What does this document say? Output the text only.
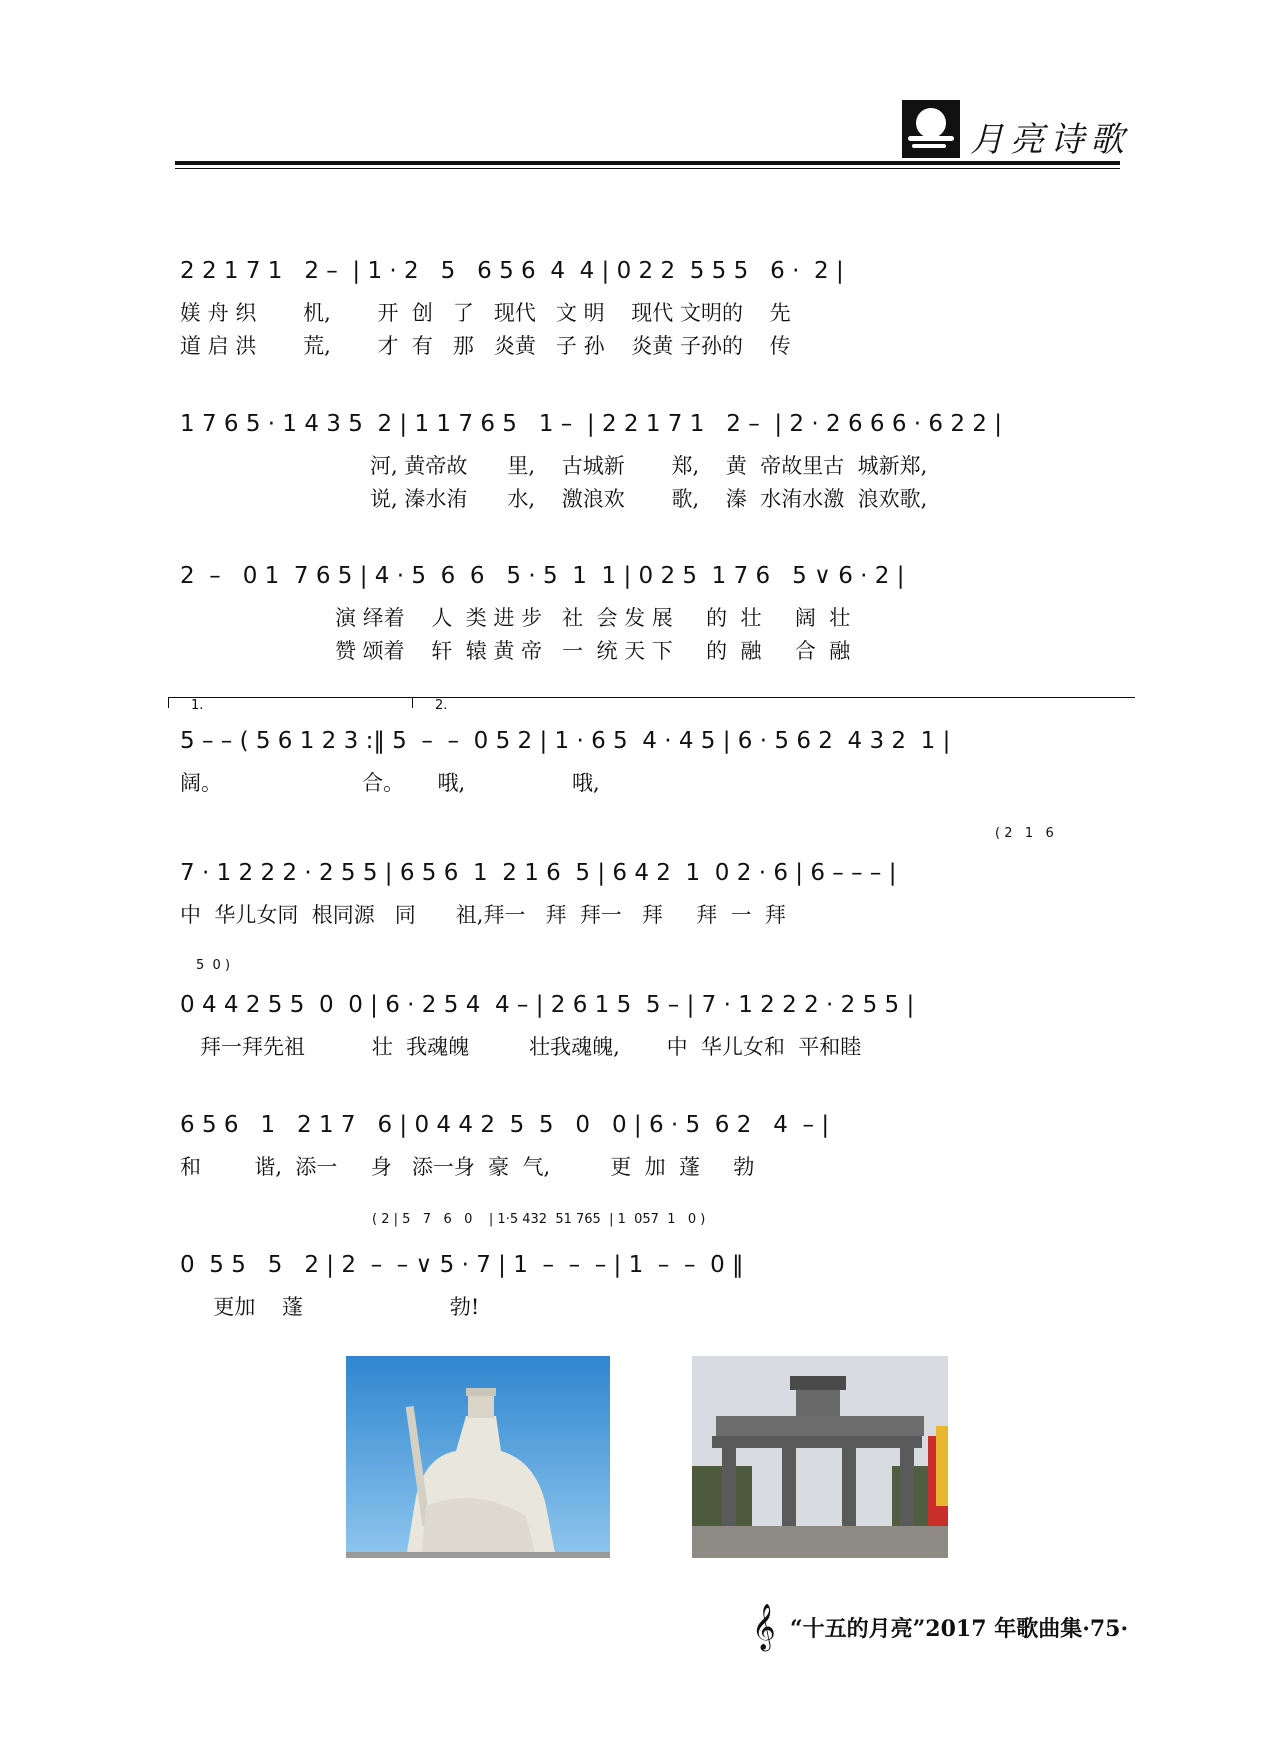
月亮诗歌
2 2 1 7 1   2 –  | 1 · 2   5   6 5 6  4  4 | 0 2 2  5 5 5   6 ·  2 |
媄 舟 织       机,       开  创   了   现代   文 明    现代 文明的    先
道 启 洪       荒,       才  有   那   炎黄   子 孙    炎黄 子孙的    传
1 7 6 5 · 1 4 3 5  2 | 1 1 7 6 5   1 –  | 2 2 1 7 1   2 –  | 2 · 2 6 6 6 · 6 2 2 |
河, 黄帝故      里,    古城新       郑,    黄  帝故里古  城新郑,
说, 溱水洧      水,    激浪欢       歌,    溱  水洧水激  浪欢歌,
2  –   0 1  7 6 5 | 4 · 5  6  6   5 · 5  1  1 | 0 2 5  1 7 6   5 ∨ 6 · 2 |
演 绎着    人  类 进 步   社  会 发 展     的  壮     阔  壮
赞 颂着    轩  辕 黄 帝   一  统 天 下     的  融     合  融
1.	2.
5 – – ( 5 6 1 2 3 :‖ 5  –  –  0 5 2 | 1 · 6 5  4 · 4 5 | 6 · 5 6 2  4 3 2  1 |
阔。                     合。     哦,                哦,
( 2   1   6
7 · 1 2 2 2 · 2 5 5 | 6 5 6  1  2 1 6  5 | 6 4 2  1  0 2 · 6 | 6 – – – |
中  华儿女同  根同源   同      祖,拜一   拜  拜一   拜     拜  一  拜
5  0 )
0 4 4 2 5 5  0  0 | 6 · 2 5 4  4 – | 2 6 1 5  5 – | 7 · 1 2 2 2 · 2 5 5 |
拜一拜先祖          壮  我魂魄         壮我魂魄,       中  华儿女和  平和睦
6 5 6   1   2 1 7   6 | 0 4 4 2  5  5   0   0 | 6 · 5  6 2   4  – |
和        谐,  添一     身   添一身  豪  气,         更  加  蓬     勃
( 2 | 5   7   6   0    | 1·5 432  51 765  | 1  057  1   0 )
0  5 5   5   2 | 2  –  – ∨ 5 · 7 | 1  –  –  – | 1  –  –  0 ‖
更加    蓬                      勃!
𝄞 “十五的月亮”2017 年歌曲集·75·
